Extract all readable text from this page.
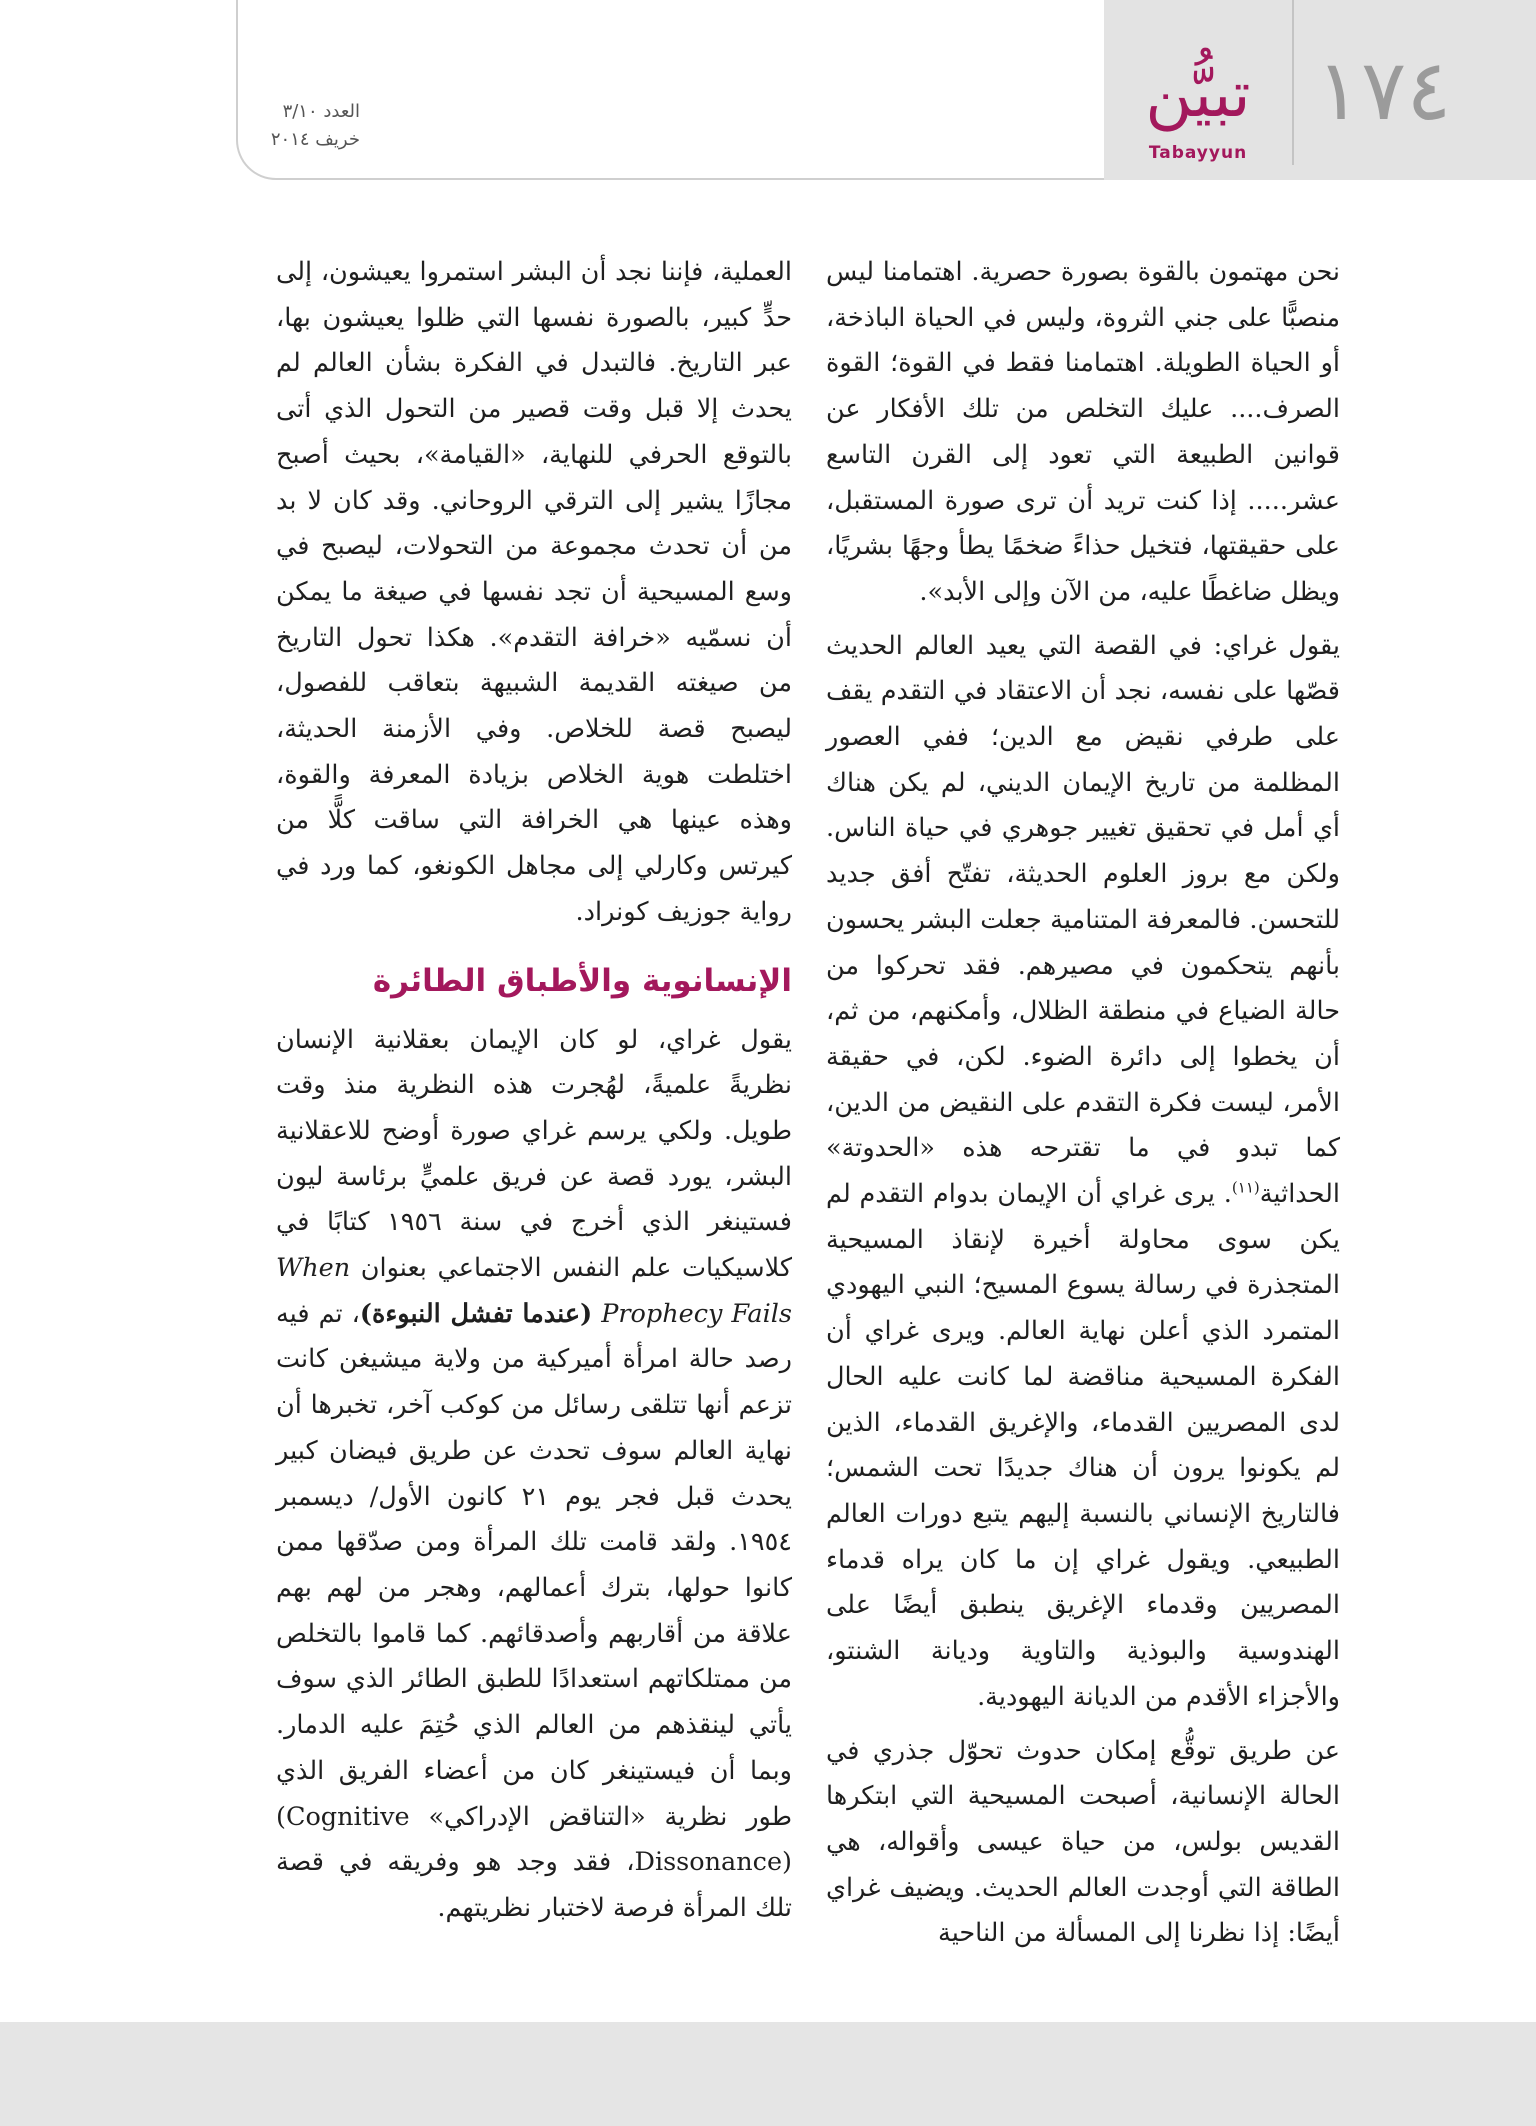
١٧٤
تبيُّن
Tabayyun
العدد ٣/١٠
خريف ٢٠١٤

نحن مهتمون بالقوة بصورة حصرية. اهتمامنا ليس منصبًّا على جني الثروة، وليس في الحياة الباذخة، أو الحياة الطويلة. اهتمامنا فقط في القوة؛ القوة الصرف.... عليك التخلص من تلك الأفكار عن قوانين الطبيعة التي تعود إلى القرن التاسع عشر..... إذا كنت تريد أن ترى صورة المستقبل، على حقيقتها، فتخيل حذاءً ضخمًا يطأ وجهًا بشريًا، ويظل ضاغطًا عليه، من الآن وإلى الأبد».

يقول غراي: في القصة التي يعيد العالم الحديث قصّها على نفسه، نجد أن الاعتقاد في التقدم يقف على طرفي نقيض مع الدين؛ ففي العصور المظلمة من تاريخ الإيمان الديني، لم يكن هناك أي أمل في تحقيق تغيير جوهري في حياة الناس. ولكن مع بروز العلوم الحديثة، تفتّح أفق جديد للتحسن. فالمعرفة المتنامية جعلت البشر يحسون بأنهم يتحكمون في مصيرهم. فقد تحركوا من حالة الضياع في منطقة الظلال، وأمكنهم، من ثم، أن يخطوا إلى دائرة الضوء. لكن، في حقيقة الأمر، ليست فكرة التقدم على النقيض من الدين، كما تبدو في ما تقترحه هذه «الحدوتة» الحداثية$^{(١١)}$. يرى غراي أن الإيمان بدوام التقدم لم يكن سوى محاولة أخيرة لإنقاذ المسيحية المتجذرة في رسالة يسوع المسيح؛ النبي اليهودي المتمرد الذي أعلن نهاية العالم. ويرى غراي أن الفكرة المسيحية مناقضة لما كانت عليه الحال لدى المصريين القدماء، والإغريق القدماء، الذين لم يكونوا يرون أن هناك جديدًا تحت الشمس؛ فالتاريخ الإنساني بالنسبة إليهم يتبع دورات العالم الطبيعي. ويقول غراي إن ما كان يراه قدماء المصريين وقدماء الإغريق ينطبق أيضًا على الهندوسية والبوذية والتاوية وديانة الشنتو، والأجزاء الأقدم من الديانة اليهودية.

عن طريق توقُّع إمكان حدوث تحوّل جذري في الحالة الإنسانية، أصبحت المسيحية التي ابتكرها القديس بولس، من حياة عيسى وأقواله، هي الطاقة التي أوجدت العالم الحديث. ويضيف غراي أيضًا: إذا نظرنا إلى المسألة من الناحية

العملية، فإننا نجد أن البشر استمروا يعيشون، إلى حدٍّ كبير، بالصورة نفسها التي ظلوا يعيشون بها، عبر التاريخ. فالتبدل في الفكرة بشأن العالم لم يحدث إلا قبل وقت قصير من التحول الذي أتى بالتوقع الحرفي للنهاية، «القيامة»، بحيث أصبح مجازًا يشير إلى الترقي الروحاني. وقد كان لا بد من أن تحدث مجموعة من التحولات، ليصبح في وسع المسيحية أن تجد نفسها في صيغة ما يمكن أن نسمّيه «خرافة التقدم». هكذا تحول التاريخ من صيغته القديمة الشبيهة بتعاقب للفصول، ليصبح قصة للخلاص. وفي الأزمنة الحديثة، اختلطت هوية الخلاص بزيادة المعرفة والقوة، وهذه عينها هي الخرافة التي ساقت كلًّا من كيرتس وكارلي إلى مجاهل الكونغو، كما ورد في رواية جوزيف كونراد.

الإنسانوية والأطباق الطائرة

يقول غراي، لو كان الإيمان بعقلانية الإنسان نظريةً علميةً، لهُجرت هذه النظرية منذ وقت طويل. ولكي يرسم غراي صورة أوضح للاعقلانية البشر، يورد قصة عن فريق علميٍّ برئاسة ليون فستينغر الذي أخرج في سنة ١٩٥٦ كتابًا في كلاسيكيات علم النفس الاجتماعي بعنوان When Prophecy Fails (عندما تفشل النبوءة)، تم فيه رصد حالة امرأة أميركية من ولاية ميشيغن كانت تزعم أنها تتلقى رسائل من كوكب آخر، تخبرها أن نهاية العالم سوف تحدث عن طريق فيضان كبير يحدث قبل فجر يوم ٢١ كانون الأول/ ديسمبر ١٩٥٤. ولقد قامت تلك المرأة ومن صدّقها ممن كانوا حولها، بترك أعمالهم، وهجر من لهم بهم علاقة من أقاربهم وأصدقائهم. كما قاموا بالتخلص من ممتلكاتهم استعدادًا للطبق الطائر الذي سوف يأتي لينقذهم من العالم الذي حُتِمَ عليه الدمار. وبما أن فيستينغر كان من أعضاء الفريق الذي طور نظرية «التناقض الإدراكي» (Cognitive Dissonance)، فقد وجد هو وفريقه في قصة تلك المرأة فرصة لاختبار نظريتهم.
